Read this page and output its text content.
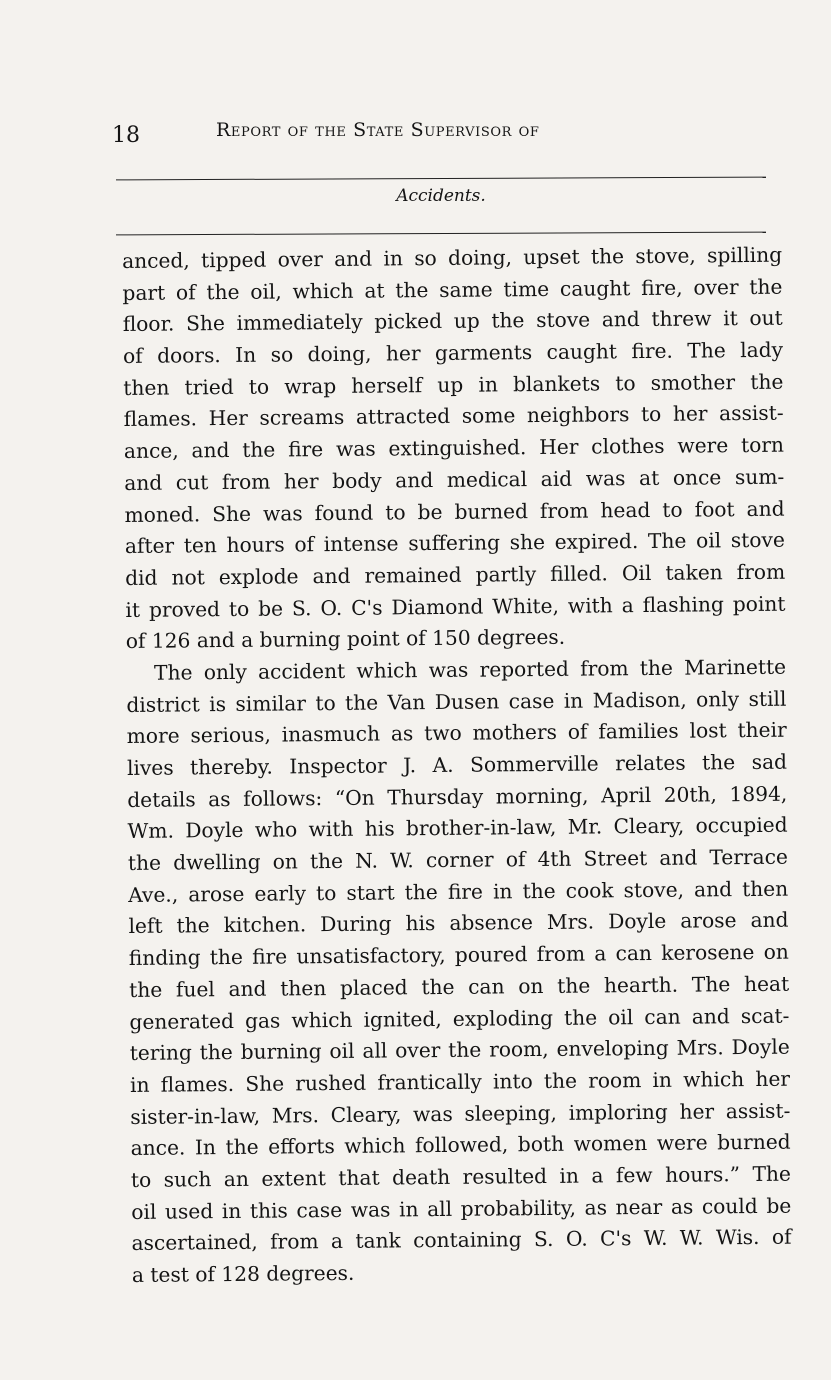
18	Report of the State Supervisor of
Accidents.
anced, tipped over and in so doing, upset the stove, spilling
part of the oil, which at the same time caught fire, over the
floor. She immediately picked up the stove and threw it out
of doors. In so doing, her garments caught fire. The lady
then tried to wrap herself up in blankets to smother the
flames. Her screams attracted some neighbors to her assist-
ance, and the fire was extinguished. Her clothes were torn
and cut from her body and medical aid was at once sum-
moned. She was found to be burned from head to foot and
after ten hours of intense suffering she expired. The oil stove
did not explode and remained partly filled. Oil taken from
it proved to be S. O. C's Diamond White, with a flashing point
of 126 and a burning point of 150 degrees.
The only accident which was reported from the Marinette
district is similar to the Van Dusen case in Madison, only still
more serious, inasmuch as two mothers of families lost their
lives thereby. Inspector J. A. Sommerville relates the sad
details as follows: “On Thursday morning, April 20th, 1894,
Wm. Doyle who with his brother-in-law, Mr. Cleary, occupied
the dwelling on the N. W. corner of 4th Street and Terrace
Ave., arose early to start the fire in the cook stove, and then
left the kitchen. During his absence Mrs. Doyle arose and
finding the fire unsatisfactory, poured from a can kerosene on
the fuel and then placed the can on the hearth. The heat
generated gas which ignited, exploding the oil can and scat-
tering the burning oil all over the room, enveloping Mrs. Doyle
in flames. She rushed frantically into the room in which her
sister-in-law, Mrs. Cleary, was sleeping, imploring her assist-
ance. In the efforts which followed, both women were burned
to such an extent that death resulted in a few hours.” The
oil used in this case was in all probability, as near as could be
ascertained, from a tank containing S. O. C's W. W. Wis. of
a test of 128 degrees.
